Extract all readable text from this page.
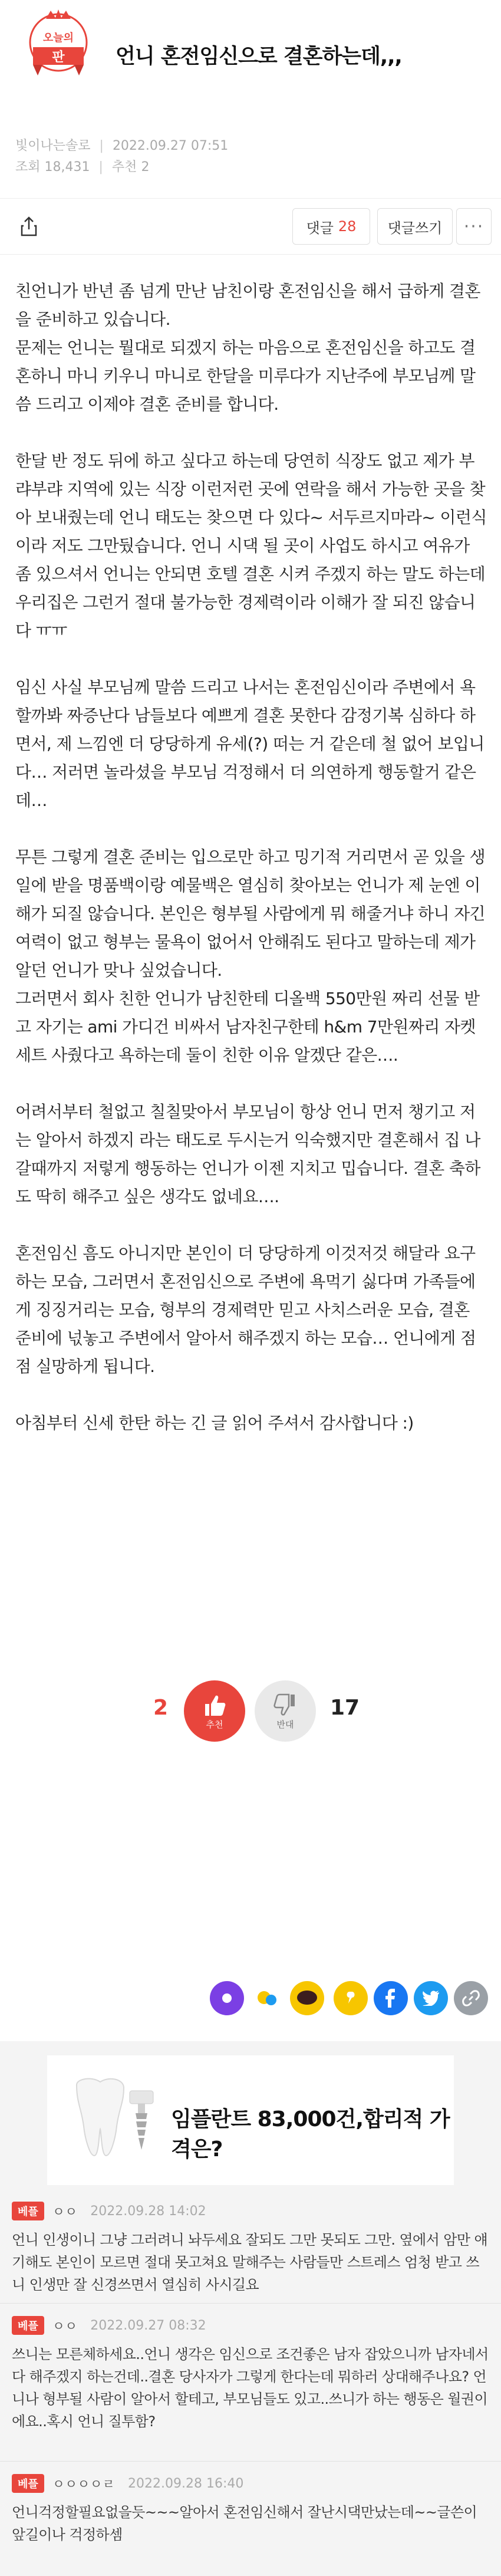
오늘의
판 언니 혼전임신으로 결혼하는데,,,
빛이나는솔로 | 2022.09.27 07:51
조회 18,431 | 추천 2
댓글 28	댓글쓰기	···

친언니가 반년 좀 넘게 만난 남친이랑 혼전임신을 해서 급하게 결혼을 준비하고 있습니다.
문제는 언니는 뭘대로 되겠지 하는 마음으로 혼전임신을 하고도 결혼하니 마니 키우니 마니로 한달을 미루다가 지난주에 부모님께 말씀 드리고 이제야 결혼 준비를 합니다.

한달 반 정도 뒤에 하고 싶다고 하는데 당연히 식장도 없고 제가 부랴부랴 지역에 있는 식장 이런저런 곳에 연락을 해서 가능한 곳을 찾아 보내줬는데 언니 태도는 찾으면 다 있다~ 서두르지마라~ 이런식이라 저도 그만뒀습니다. 언니 시댁 될 곳이 사업도 하시고 여유가 좀 있으셔서 언니는 안되면 호텔 결혼 시켜 주겠지 하는 말도 하는데 우리집은 그런거 절대 불가능한 경제력이라 이해가 잘 되진 않습니다 ㅠㅠ

임신 사실 부모님께 말씀 드리고 나서는 혼전임신이라 주변에서 욕할까봐 짜증난다 남들보다 예쁘게 결혼 못한다 감정기복 심하다 하면서, 제 느낌엔 더 당당하게 유세(?) 떠는 거 같은데 철 없어 보입니다… 저러면 놀라셨을 부모님 걱정해서 더 의연하게 행동할거 같은데…

무튼 그렇게 결혼 준비는 입으로만 하고 밍기적 거리면서 곧 있을 생일에 받을 명품백이랑 예물백은 열심히 찾아보는 언니가 제 눈엔 이해가 되질 않습니다. 본인은 형부될 사람에게 뭐 해줄거냐 하니 자긴 여력이 없고 형부는 물욕이 없어서 안해줘도 된다고 말하는데 제가 알던 언니가 맞나 싶었습니다.
그러면서 회사 친한 언니가 남친한테 디올백 550만원 짜리 선물 받고 자기는 ami 가디건 비싸서 남자친구한테 h&m 7만원짜리 자켓 세트 사줬다고 욕하는데 둘이 친한 이유 알겠단 같은….

어려서부터 철없고 칠칠맞아서 부모님이 항상 언니 먼저 챙기고 저는 알아서 하겠지 라는 태도로 두시는거 익숙했지만 결혼해서 집 나갈때까지 저렇게 행동하는 언니가 이젠 지치고 밉습니다. 결혼 축하도 딱히 해주고 싶은 생각도 없네요….

혼전임신 흠도 아니지만 본인이 더 당당하게 이것저것 해달라 요구하는 모습, 그러면서 혼전임신으로 주변에 욕먹기 싫다며 가족들에게 징징거리는 모습, 형부의 경제력만 믿고 사치스러운 모습, 결혼 준비에 넋놓고 주변에서 알아서 해주겠지 하는 모습… 언니에게 점점 실망하게 됩니다.

아침부터 신세 한탄 하는 긴 글 읽어 주셔서 감사합니다 :)

2
추천	반대
17
임플란트 83,000건,합리적 가격은?
베플	ㅇㅇ 2022.09.28 14:02
언니 인생이니 그냥 그러려니 놔두세요 잘되도 그만 못되도 그만. 옆에서 암만 얘기해도 본인이 모르면 절대 못고쳐요 말해주는 사람들만 스트레스 엄청 받고 쓰니 인생만 잘 신경쓰면서 열심히 사시길요
베플	ㅇㅇ 2022.09.27 08:32
쓰니는 모른체하세요..언니 생각은 임신으로 조건좋은 남자 잡았으니까 남자네서 다 해주겠지 하는건데..결혼 당사자가 그렇게 한다는데 뭐하러 상대해주나요? 언니나 형부될 사람이 알아서 할테고, 부모님들도 있고..쓰니가 하는 행동은 월권이에요..혹시 언니 질투함?
베플	ㅇㅇㅇㅇㄹ 2022.09.28 16:40
언니걱정할필요없을듯~~~알아서 혼전임신해서 잘난시댁만났는데~~글쓴이앞길이나 걱정하셈
